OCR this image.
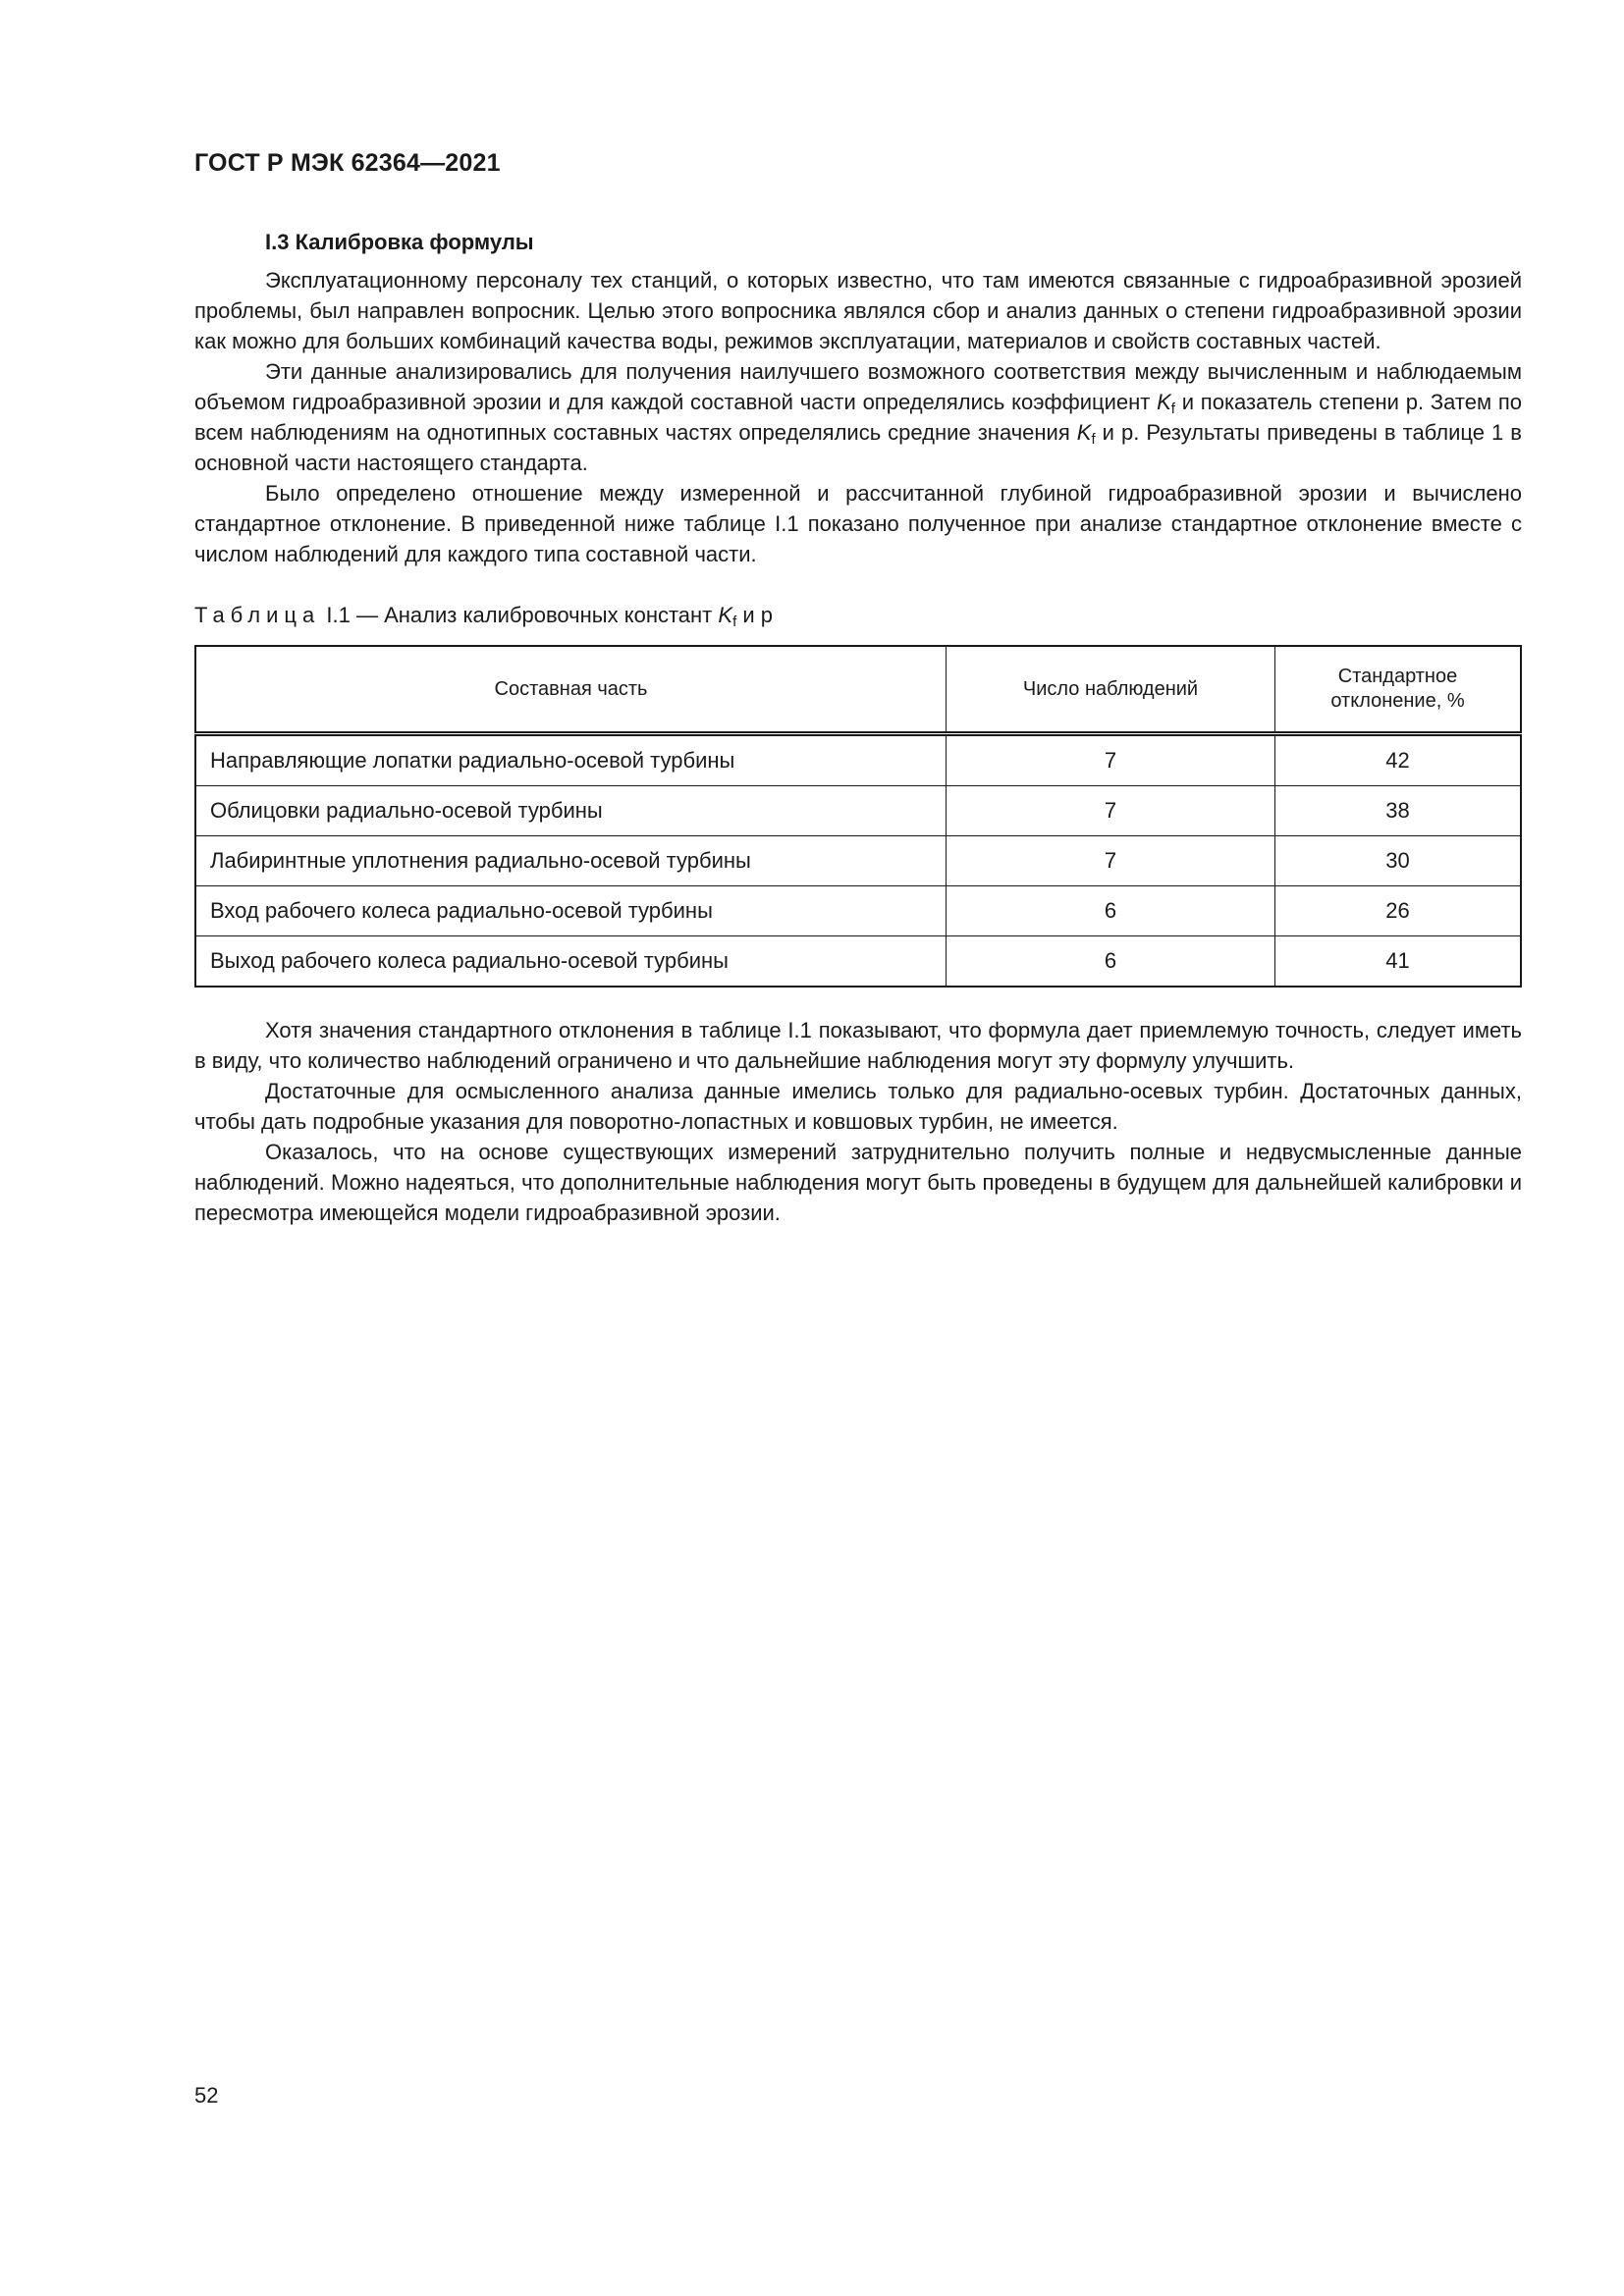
ГОСТ Р МЭК 62364—2021
I.3 Калибровка формулы

Эксплуатационному персоналу тех станций, о которых известно, что там имеются связанные с гидроабразивной эрозией проблемы, был направлен вопросник. Целью этого вопросника являлся сбор и анализ данных о степени гидроабразивной эрозии как можно для больших комбинаций качества воды, режимов эксплуатации, материалов и свойств составных частей.

Эти данные анализировались для получения наилучшего возможного соответствия между вычисленным и наблюдаемым объемом гидроабразивной эрозии и для каждой составной части определялись коэффициент $K_f$ и показатель степени p. Затем по всем наблюдениям на однотипных составных частях определялись средние значения $K_f$ и p. Результаты приведены в таблице 1 в основной части настоящего стандарта.

Было определено отношение между измеренной и рассчитанной глубиной гидроабразивной эрозии и вычислено стандартное отклонение. В приведенной ниже таблице I.1 показано полученное при анализе стандартное отклонение вместе с числом наблюдений для каждого типа составной части.

Таблица I.1 — Анализ калибровочных констант $K_f$ и p
Составная часть	Число наблюдений	Стандартное
отклонение, %
Направляющие лопатки радиально-осевой турбины	7	42
Облицовки радиально-осевой турбины	7	38
Лабиринтные уплотнения радиально-осевой турбины	7	30
Вход рабочего колеса радиально-осевой турбины	6	26
Выход рабочего колеса радиально-осевой турбины	6	41

Хотя значения стандартного отклонения в таблице I.1 показывают, что формула дает приемлемую точность, следует иметь в виду, что количество наблюдений ограничено и что дальнейшие наблюдения могут эту формулу улучшить.

Достаточные для осмысленного анализа данные имелись только для радиально-осевых турбин. Достаточных данных, чтобы дать подробные указания для поворотно-лопастных и ковшовых турбин, не имеется.

Оказалось, что на основе существующих измерений затруднительно получить полные и недвусмысленные данные наблюдений. Можно надеяться, что дополнительные наблюдения могут быть проведены в будущем для дальнейшей калибровки и пересмотра имеющейся модели гидроабразивной эрозии.

52
